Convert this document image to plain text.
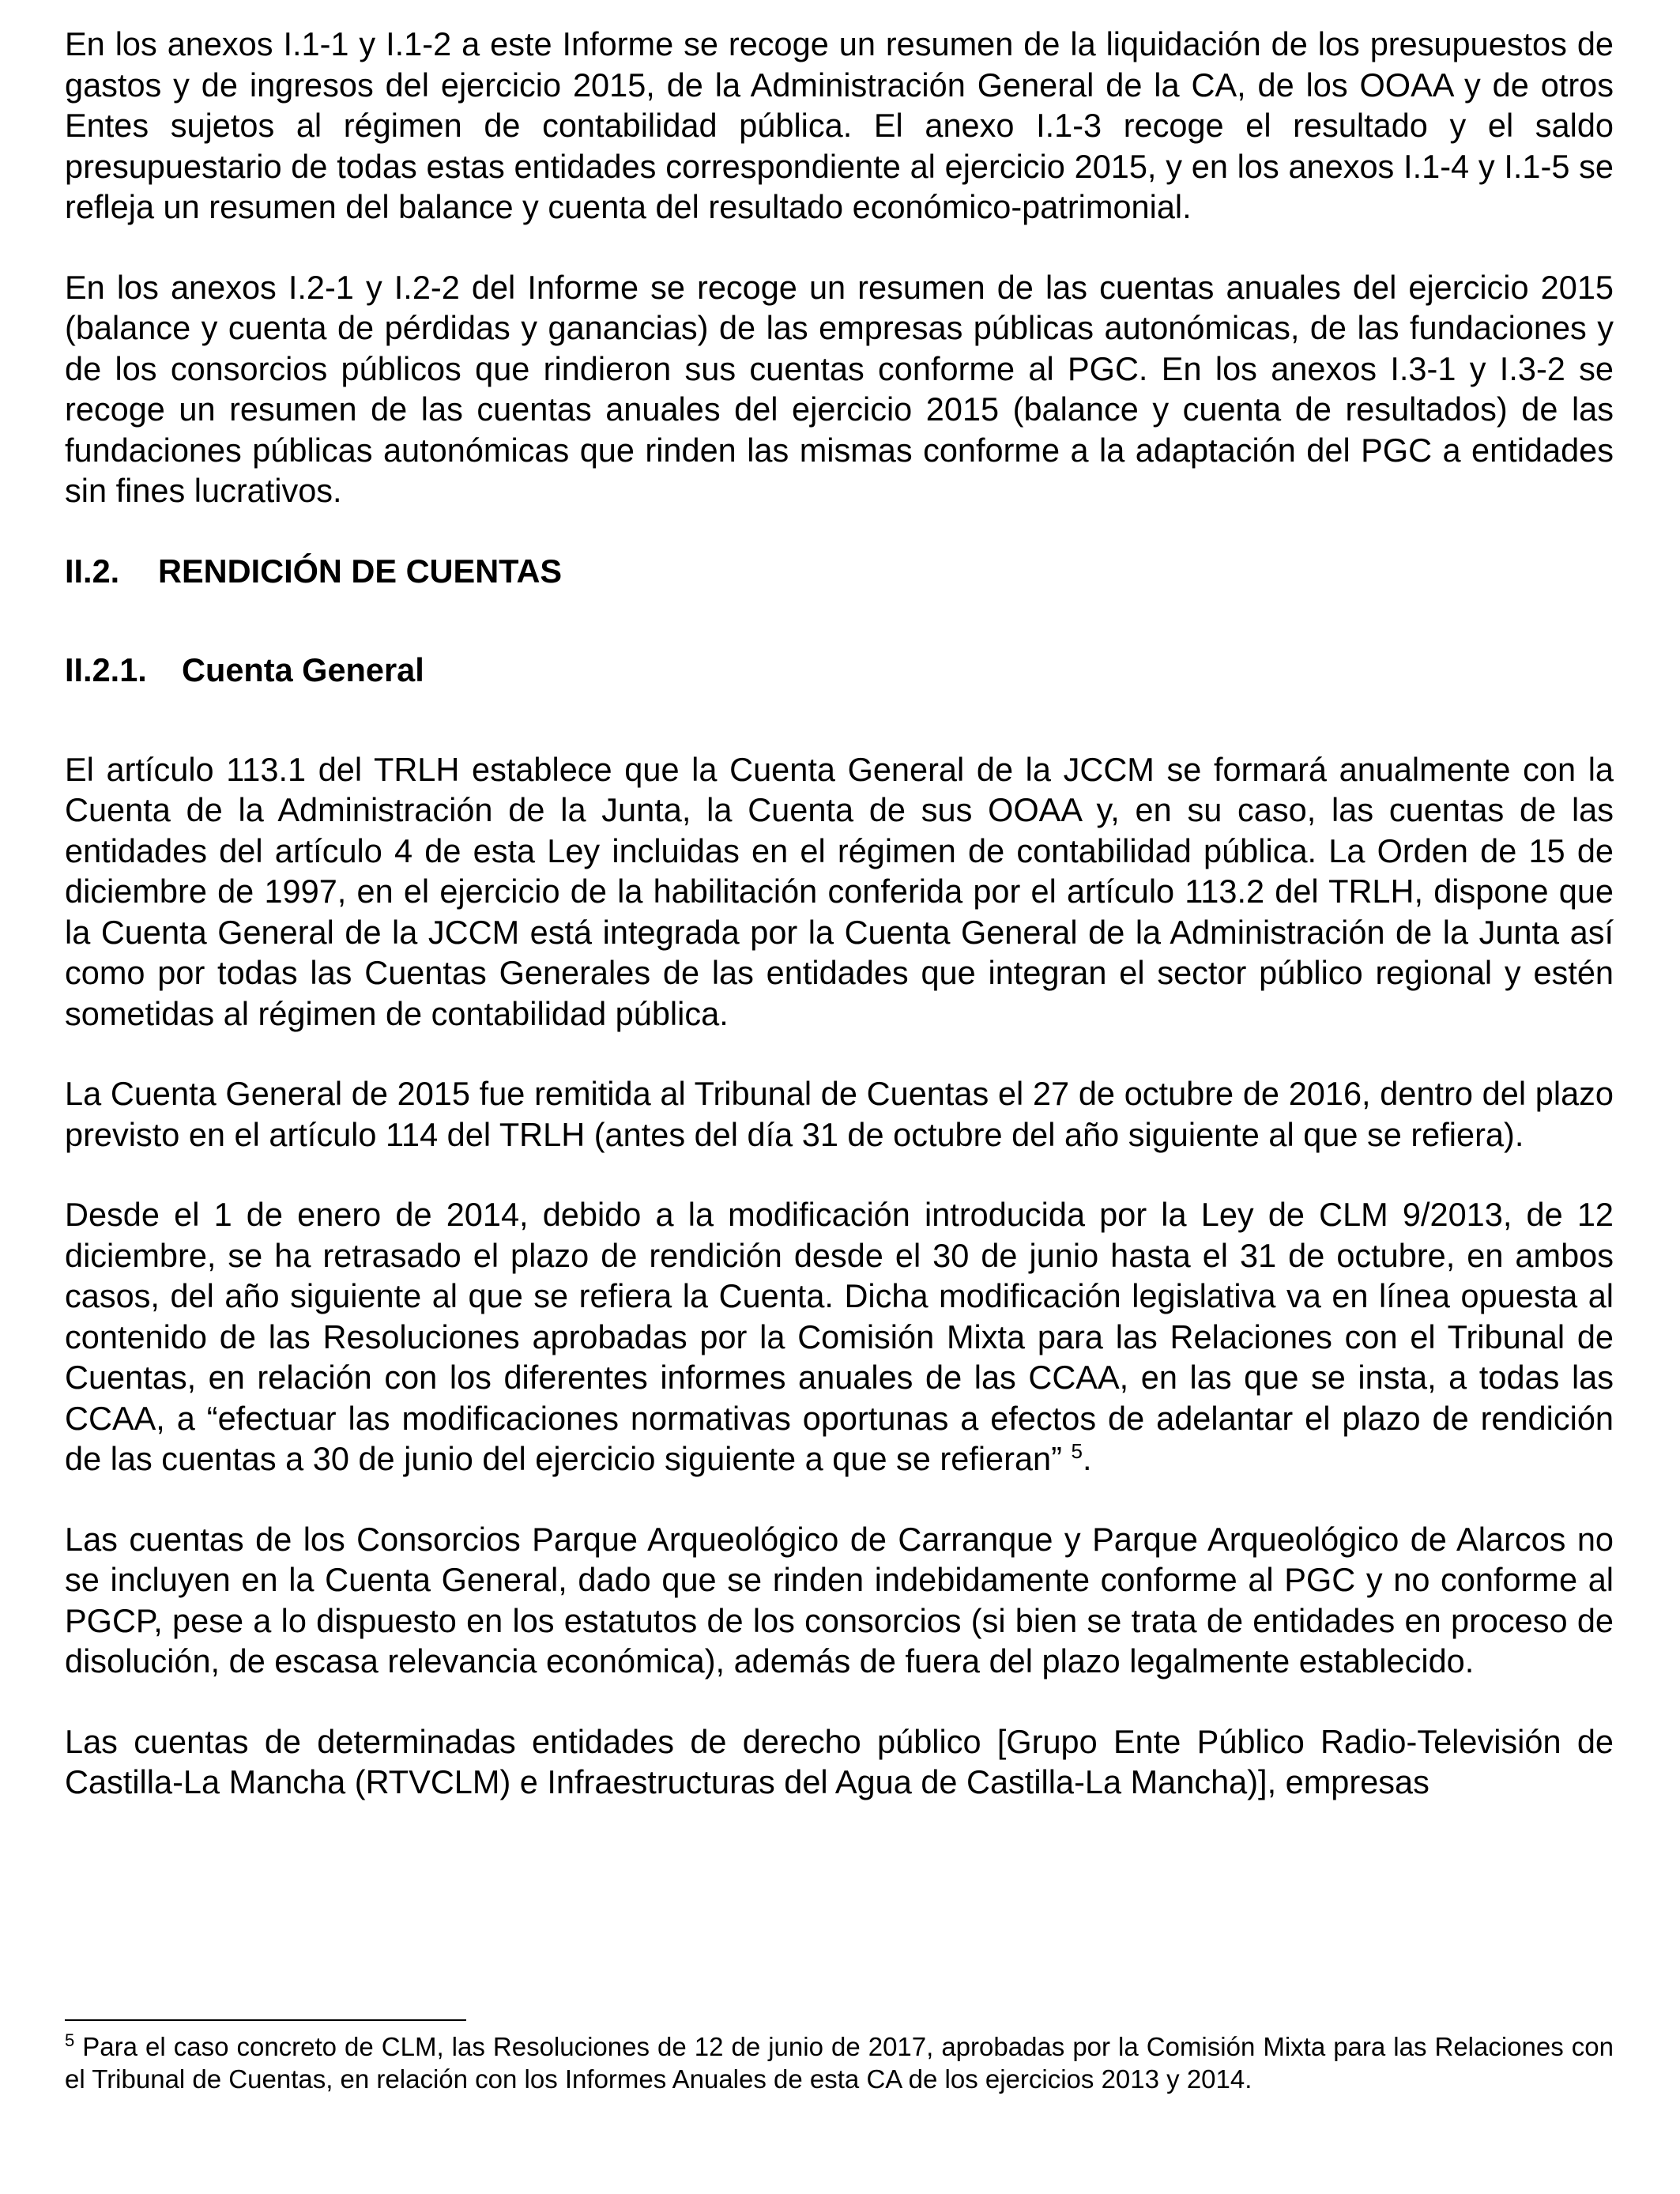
En los anexos I.1-1 y I.1-2 a este Informe se recoge un resumen de la liquidación de los presupuestos de gastos y de ingresos del ejercicio 2015, de la Administración General de la CA, de los OOAA y de otros Entes sujetos al régimen de contabilidad pública. El anexo I.1-3 recoge el resultado y el saldo presupuestario de todas estas entidades correspondiente al ejercicio 2015, y en los anexos I.1-4 y I.1-5 se refleja un resumen del balance y cuenta del resultado económico-patrimonial.

En los anexos I.2-1 y I.2-2 del Informe se recoge un resumen de las cuentas anuales del ejercicio 2015 (balance y cuenta de pérdidas y ganancias) de las empresas públicas autonómicas, de las fundaciones y de los consorcios públicos que rindieron sus cuentas conforme al PGC. En los anexos I.3-1 y I.3-2 se recoge un resumen de las cuentas anuales del ejercicio 2015 (balance y cuenta de resultados) de las fundaciones públicas autonómicas que rinden las mismas conforme a la adaptación del PGC a entidades sin fines lucrativos.

II.2.	RENDICIÓN DE CUENTAS
II.2.1.	Cuenta General

El artículo 113.1 del TRLH establece que la Cuenta General de la JCCM se formará anualmente con la Cuenta de la Administración de la Junta, la Cuenta de sus OOAA y, en su caso, las cuentas de las entidades del artículo 4 de esta Ley incluidas en el régimen de contabilidad pública. La Orden de 15 de diciembre de 1997, en el ejercicio de la habilitación conferida por el artículo 113.2 del TRLH, dispone que la Cuenta General de la JCCM está integrada por la Cuenta General de la Administración de la Junta así como por todas las Cuentas Generales de las entidades que integran el sector público regional y estén sometidas al régimen de contabilidad pública.

La Cuenta General de 2015 fue remitida al Tribunal de Cuentas el 27 de octubre de 2016, dentro del plazo previsto en el artículo 114 del TRLH (antes del día 31 de octubre del año siguiente al que se refiera).

Desde el 1 de enero de 2014, debido a la modificación introducida por la Ley de CLM 9/2013, de 12 diciembre, se ha retrasado el plazo de rendición desde el 30 de junio hasta el 31 de octubre, en ambos casos, del año siguiente al que se refiera la Cuenta. Dicha modificación legislativa va en línea opuesta al contenido de las Resoluciones aprobadas por la Comisión Mixta para las Relaciones con el Tribunal de Cuentas, en relación con los diferentes informes anuales de las CCAA, en las que se insta, a todas las CCAA, a “efectuar las modificaciones normativas oportunas a efectos de adelantar el plazo de rendición de las cuentas a 30 de junio del ejercicio siguiente a que se refieran” $^5$.

Las cuentas de los Consorcios Parque Arqueológico de Carranque y Parque Arqueológico de Alarcos no se incluyen en la Cuenta General, dado que se rinden indebidamente conforme al PGC y no conforme al PGCP, pese a lo dispuesto en los estatutos de los consorcios (si bien se trata de entidades en proceso de disolución, de escasa relevancia económica), además de fuera del plazo legalmente establecido.

Las cuentas de determinadas entidades de derecho público [Grupo Ente Público Radio-Televisión de Castilla-La Mancha (RTVCLM) e Infraestructuras del Agua de Castilla-La Mancha)], empresas

$^5$ Para el caso concreto de CLM, las Resoluciones de 12 de junio de 2017, aprobadas por la Comisión Mixta para las Relaciones con el Tribunal de Cuentas, en relación con los Informes Anuales de esta CA de los ejercicios 2013 y 2014.
